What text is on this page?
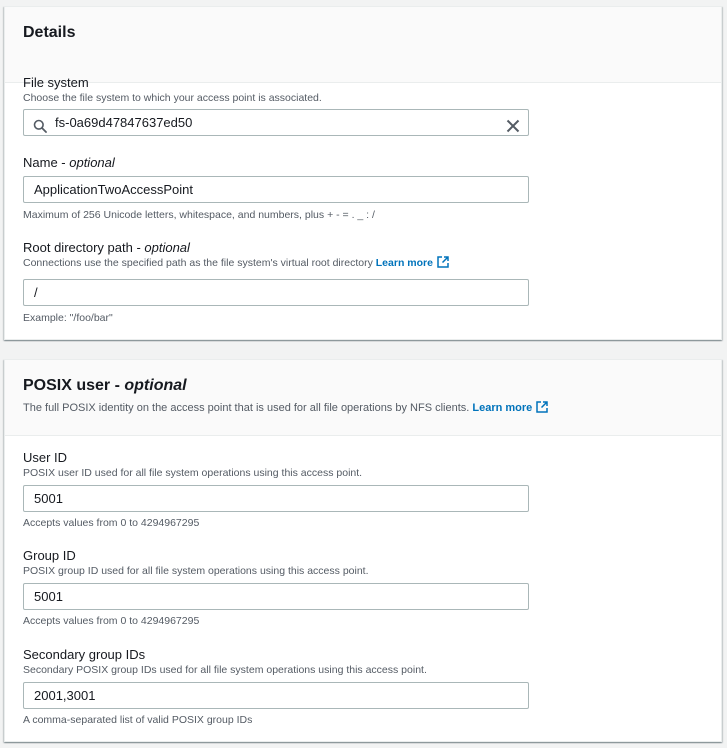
Details
File system
Choose the file system to which your access point is associated.
fs-0a69d47847637ed50
Name - optional
ApplicationTwoAccessPoint
Maximum of 256 Unicode letters, whitespace, and numbers, plus + - = . _ : /
Root directory path - optional
Connections use the specified path as the file system's virtual root directory Learn more
/
Example: "/foo/bar"
POSIX user - optional
The full POSIX identity on the access point that is used for all file operations by NFS clients. Learn more
User ID
POSIX user ID used for all file system operations using this access point.
5001
Accepts values from 0 to 4294967295
Group ID
POSIX group ID used for all file system operations using this access point.
5001
Accepts values from 0 to 4294967295
Secondary group IDs
Secondary POSIX group IDs used for all file system operations using this access point.
2001,3001
A comma-separated list of valid POSIX group IDs
